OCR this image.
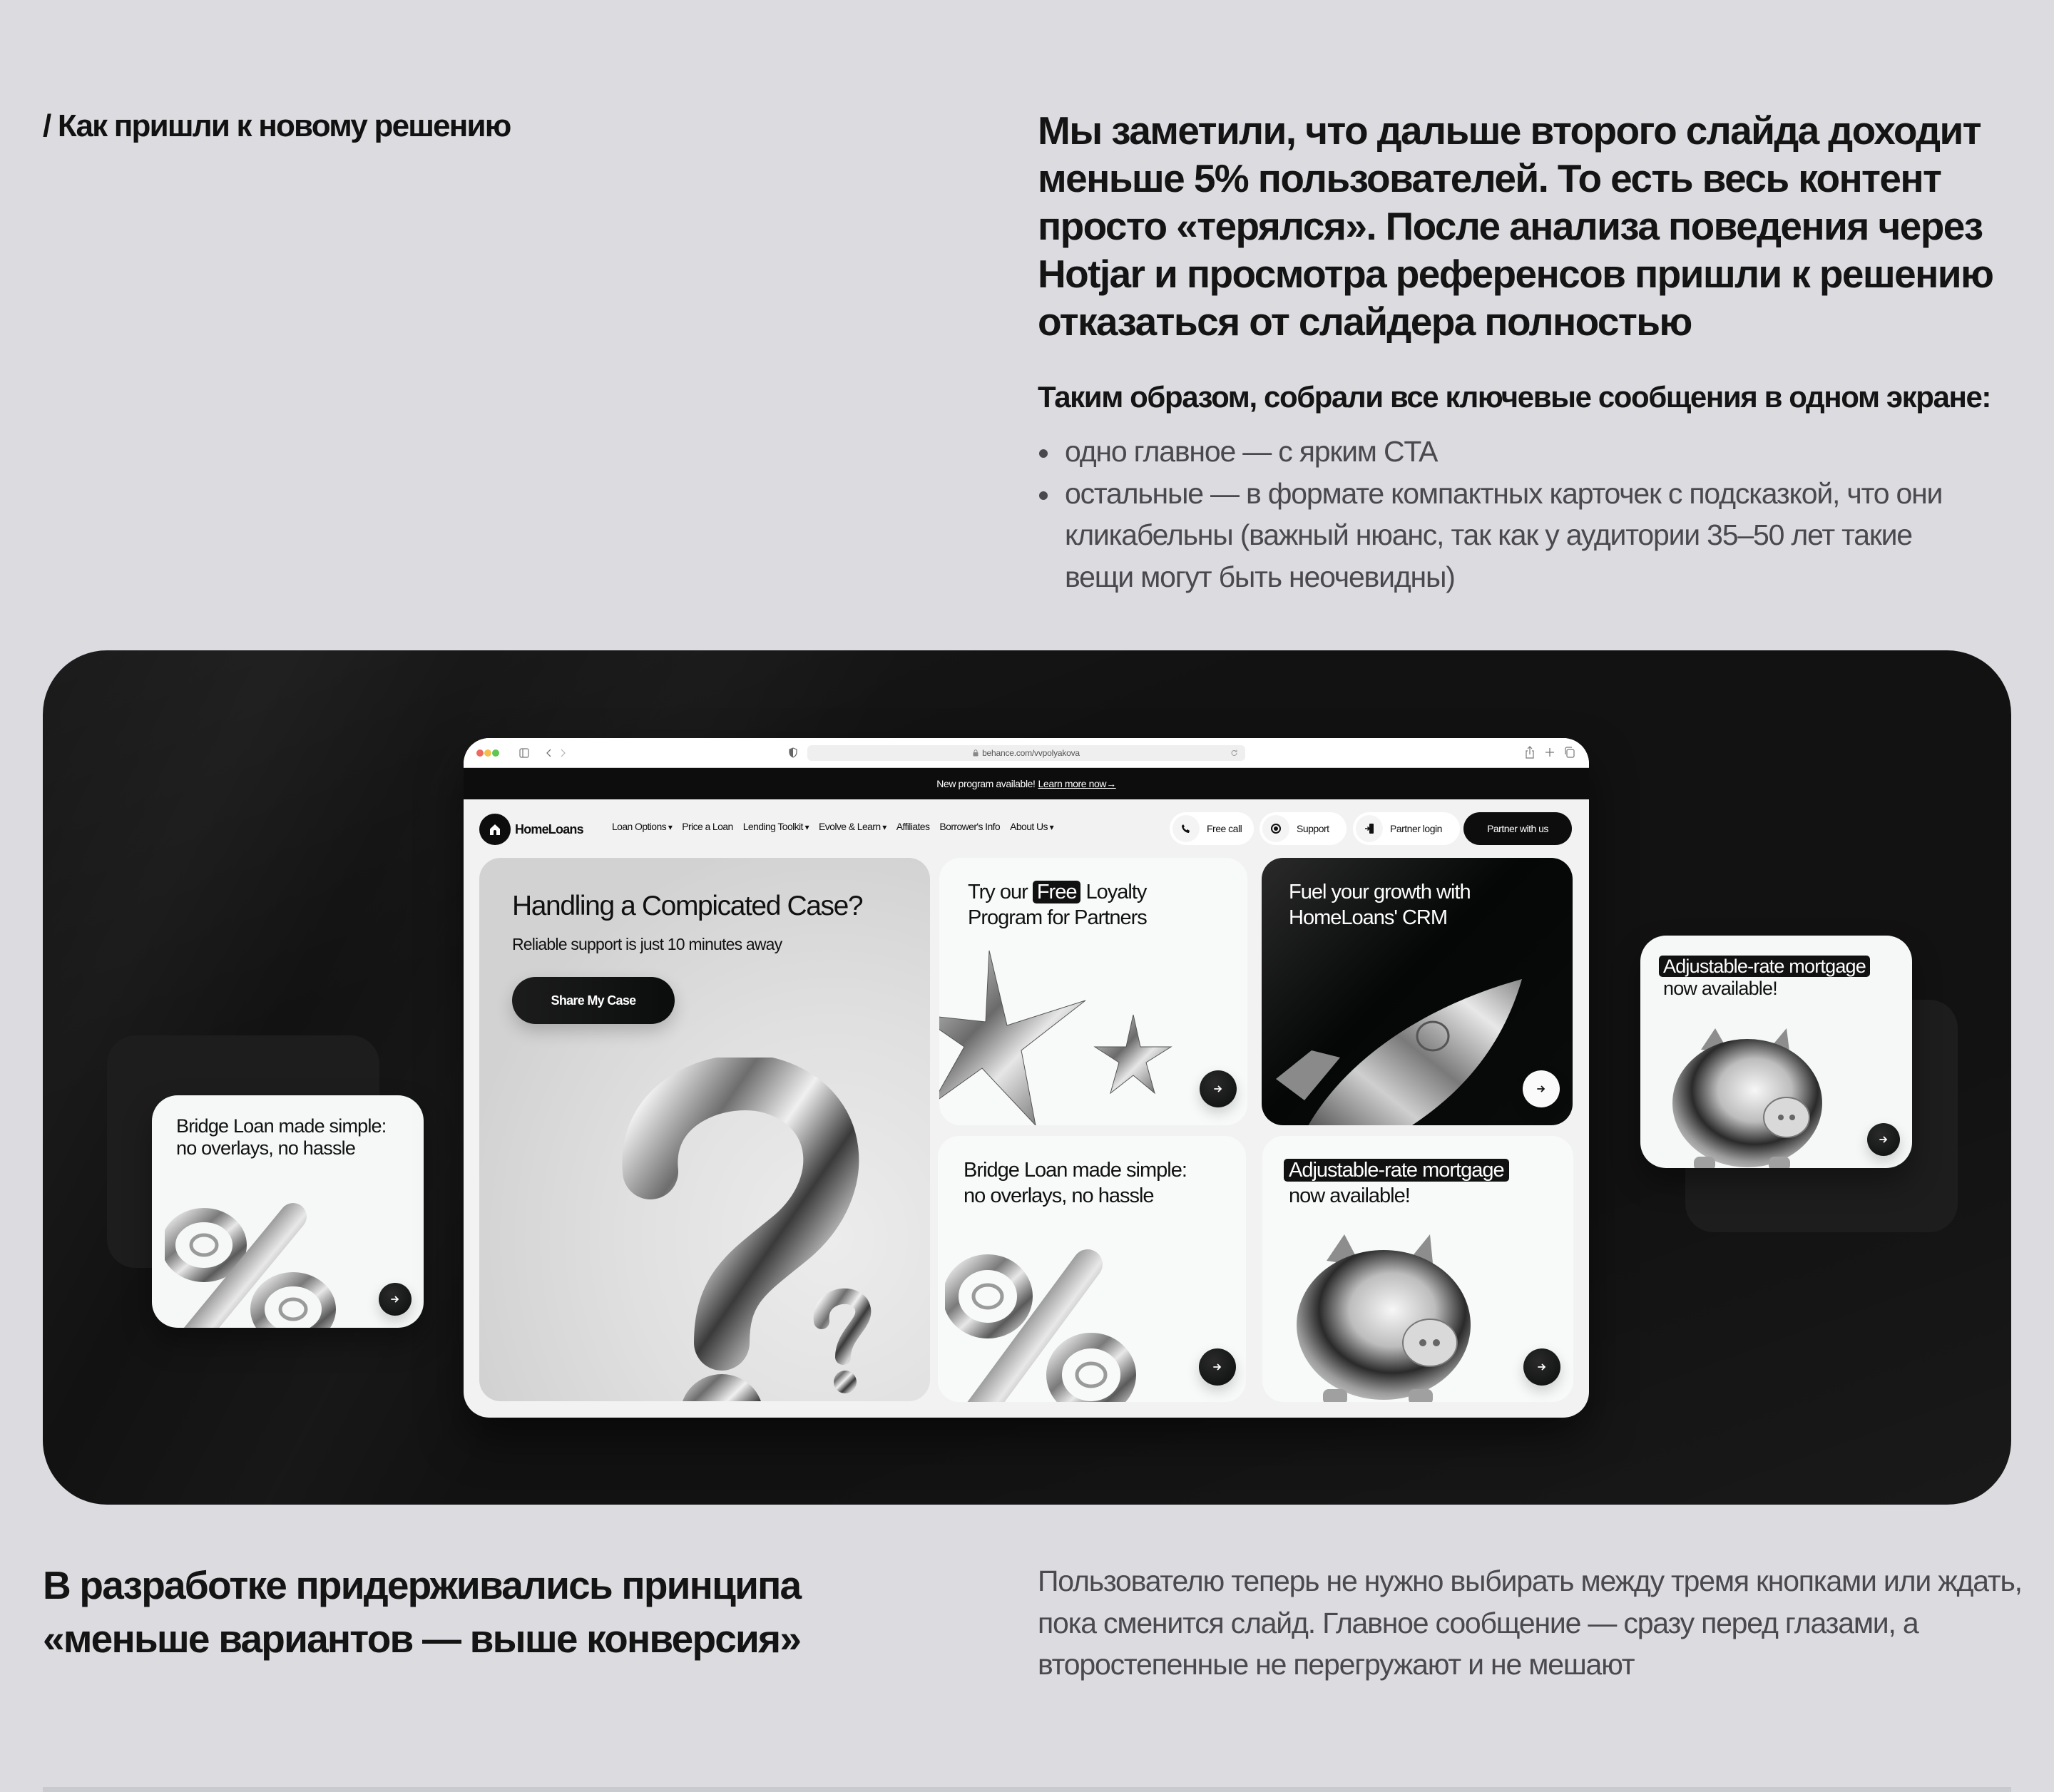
/ Как пришли к новому решению	Мы заметили, что дальше второго слайда доходит меньше 5% пользователей. То есть весь контент просто «терялся». После анализа поведения через Hotjar и просмотра референсов пришли к решению отказаться от слайдера полностью
Таким образом, собрали все ключевые сообщения в одном экране:
одно главное — с ярким CTA
остальные — в формате компактных карточек с подсказкой, что они кликабельны (важный нюанс, так как у аудитории 35–50 лет такие вещи могут быть неочевидны)
Bridge Loan made simple:
no overlays, no hassle
Adjustable-rate mortgage
now available!
behance.com/vvpolyakova
New program available! Learn more now→
HomeLoans	Loan Options ▾	Price a Loan Lending Toolkit ▾	Evolve & Learn ▾	Affiliates Borrower's Info About Us ▾	Free call	Support	Partner login	Partner with us
Handling a Compicated Case?
Reliable support is just 10 minutes away
Share My Case
Try our Free Loyalty
Program for Partners
Fuel your growth with
HomeLoans' CRM
Bridge Loan made simple:
no overlays, no hassle
Adjustable-rate mortgage
now available!
В разработке придерживались принципа
«меньше вариантов — выше конверсия»
Пользователю теперь не нужно выбирать между тремя кнопками или ждать, пока сменится слайд. Главное сообщение — сразу перед глазами, а второстепенные не перегружают и не мешают
